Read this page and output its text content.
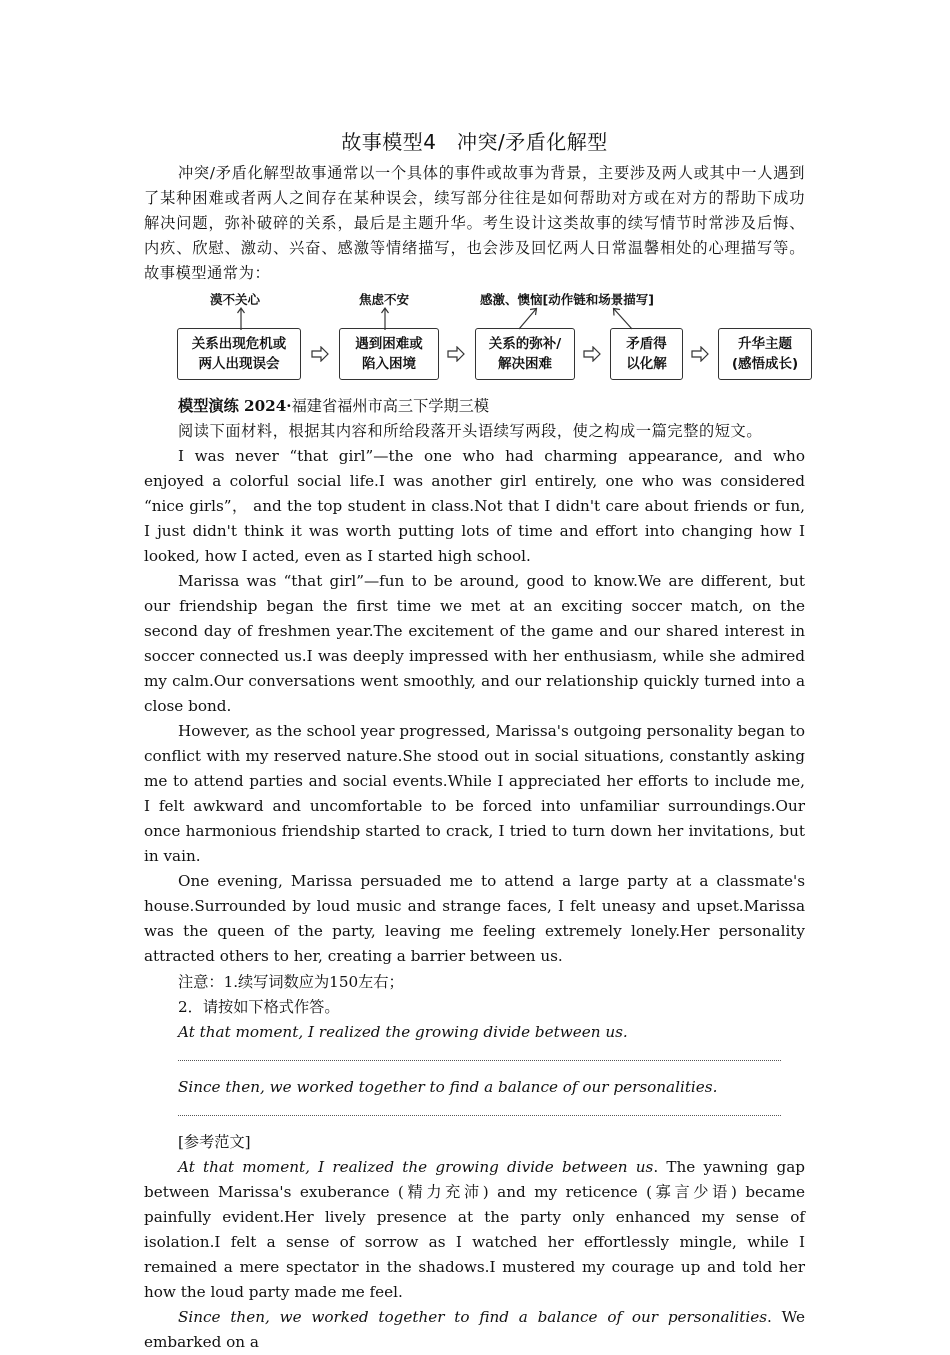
故事模型4　冲突/矛盾化解型

冲突/矛盾化解型故事通常以一个具体的事件或故事为背景，主要涉及两人或其中一人遇到了某种困难或者两人之间存在某种误会，续写部分往往是如何帮助对方或在对方的帮助下成功解决问题，弥补破碎的关系，最后是主题升华。考生设计这类故事的续写情节时常涉及后悔、内疚、欣慰、激动、兴奋、感激等情绪描写，也会涉及回忆两人日常温馨相处的心理描写等。故事模型通常为：

漠不关心	焦虑不安	感激、懊恼[动作链和场景描写]
关系出现危机或
两人出现误会
遇到困难或
陷入困境
关系的弥补/
解决困难
矛盾得
以化解
升华主题
(感悟成长)

模型演练 2024·福建省福州市高三下学期三模

阅读下面材料，根据其内容和所给段落开头语续写两段，使之构成一篇完整的短文。

I was never “that girl”—the one who had charming appearance, and who enjoyed a colorful social life.I was another girl entirely, one who was considered “nice girls”， and the top student in class.Not that I didn't care about friends or fun, I just didn't think it was worth putting lots of time and effort into changing how I looked, how I acted, even as I started high school.

Marissa was “that girl”—fun to be around, good to know.We are different, but our friendship began the first time we met at an exciting soccer match, on the second day of freshmen year.The excitement of the game and our shared interest in soccer connected us.I was deeply impressed with her enthusiasm, while she admired my calm.Our conversations went smoothly, and our relationship quickly turned into a close bond.

However, as the school year progressed, Marissa's outgoing personality began to conflict with my reserved nature.She stood out in social situations, constantly asking me to attend parties and social events.While I appreciated her efforts to include me, I felt awkward and uncomfortable to be forced into unfamiliar surroundings.Our once harmonious friendship started to crack, I tried to turn down her invitations, but in vain.

One evening, Marissa persuaded me to attend a large party at a classmate's house.Surrounded by loud music and strange faces, I felt uneasy and upset.Marissa was the queen of the party, leaving me feeling extremely lonely.Her personality attracted others to her, creating a barrier between us.

注意：1.续写词数应为150左右；

2．请按如下格式作答。

At that moment, I realized the growing divide between us.

Since then, we worked together to find a balance of our personalities.

[参考范文]

At that moment, I realized the growing divide between us. The yawning gap between Marissa's exuberance (精力充沛) and my reticence (寡言少语) became painfully evident.Her lively presence at the party only enhanced my sense of isolation.I felt a sense of sorrow as I watched her effortlessly mingle, while I remained a mere spectator in the shadows.I mustered my courage up and told her how the loud party made me feel.

Since then, we worked together to find a balance of our personalities. We embarked on a
